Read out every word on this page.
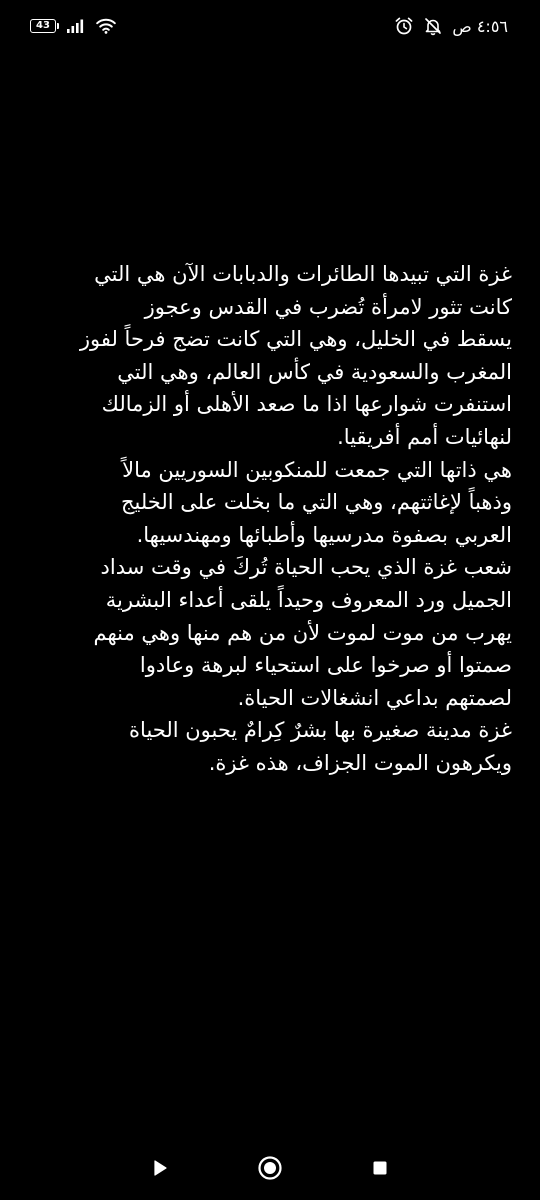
43	٤:٥٦ ص
غزة التي تبيدها الطائرات والدبابات الآن هي التي
كانت تثور لامرأة تُضرب في القدس وعجوز
يسقط في الخليل، وهي التي كانت تضج فرحاً لفوز
المغرب والسعودية في كأس العالم، وهي التي
استنفرت شوارعها اذا ما صعد الأهلى أو الزمالك
لنهائيات أمم أفريقيا.
هي ذاتها التي جمعت للمنكوبين السوريين مالاً
وذهباً لإغاثتهم، وهي التي ما بخلت على الخليج
العربي بصفوة مدرسيها وأطبائها ومهندسيها.
شعب غزة الذي يحب الحياة تُركَ في وقت سداد
الجميل ورد المعروف وحيداً يلقى أعداء البشرية
يهرب من موت لموت لأن من هم منها وهي منهم
صمتوا أو صرخوا على استحياء لبرهة وعادوا
لصمتهم بداعي انشغالات الحياة.
غزة مدينة صغيرة بها بشرٌ كِرامٌ يحبون الحياة
ويكرهون الموت الجزاف، هذه غزة.
